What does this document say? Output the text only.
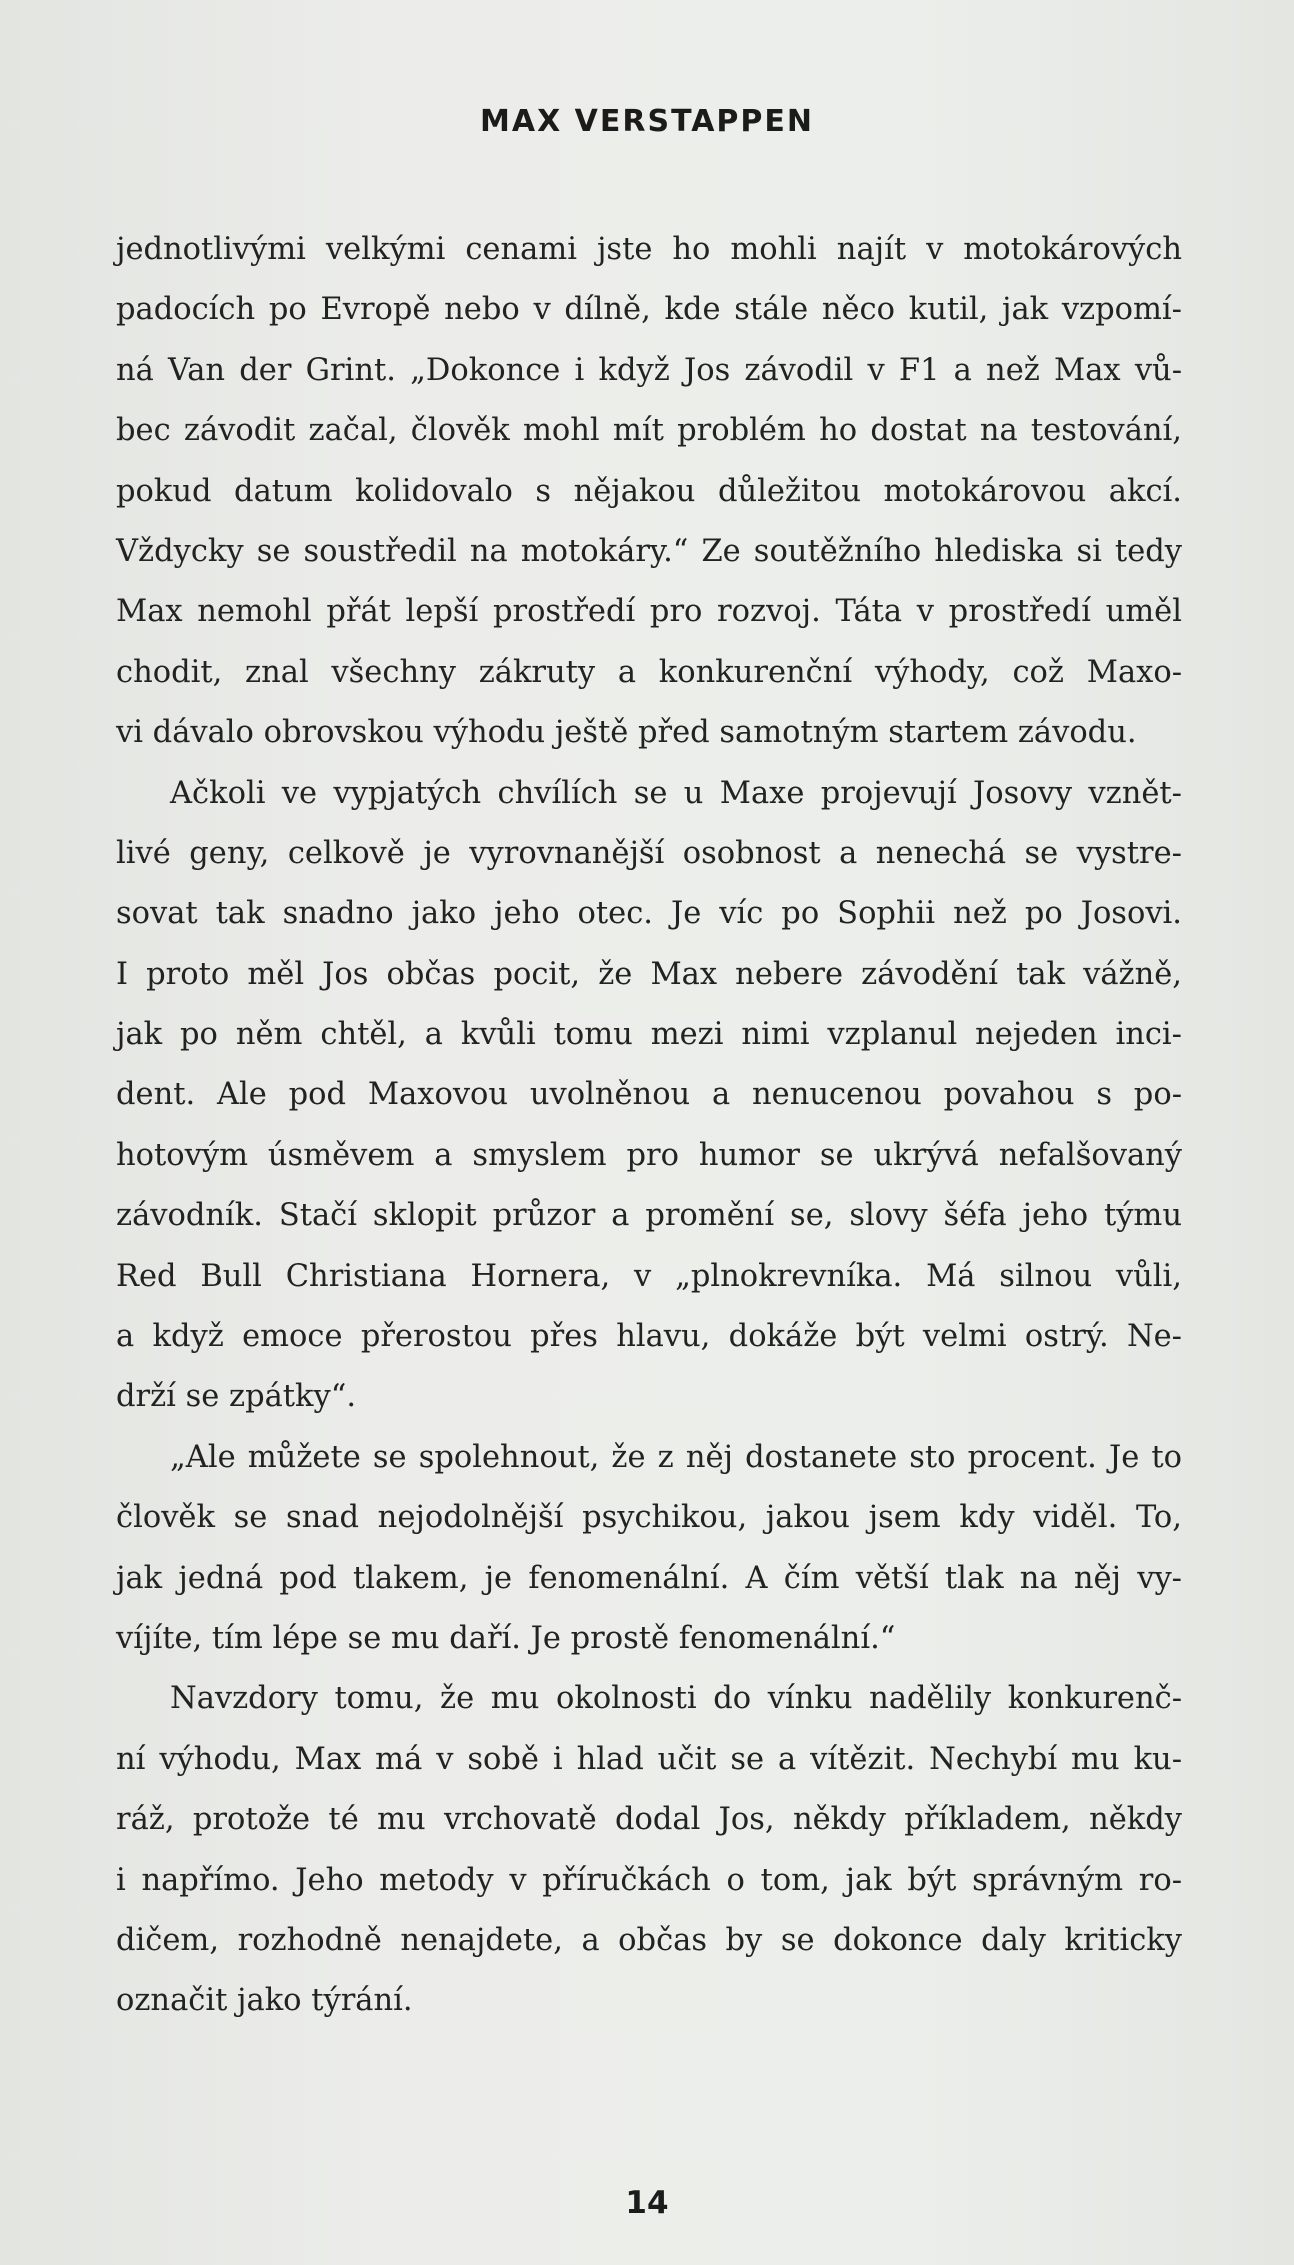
MAX VERSTAPPEN
jednotlivými velkými cenami jste ho mohli najít v motokárových
padocích po Evropě nebo v dílně, kde stále něco kutil, jak vzpomí-
ná Van der Grint. „Dokonce i když Jos závodil v F1 a než Max vů-
bec závodit začal, člověk mohl mít problém ho dostat na testování,
pokud datum kolidovalo s nějakou důležitou motokárovou akcí.
Vždycky se soustředil na motokáry.“ Ze soutěžního hlediska si tedy
Max nemohl přát lepší prostředí pro rozvoj. Táta v prostředí uměl
chodit, znal všechny zákruty a konkurenční výhody, což Maxo-
vi dávalo obrovskou výhodu ještě před samotným startem závodu.
Ačkoli ve vypjatých chvílích se u Maxe projevují Josovy vznět-
livé geny, celkově je vyrovnanější osobnost a nenechá se vystre-
sovat tak snadno jako jeho otec. Je víc po Sophii než po Josovi.
I proto měl Jos občas pocit, že Max nebere závodění tak vážně,
jak po něm chtěl, a kvůli tomu mezi nimi vzplanul nejeden inci-
dent. Ale pod Maxovou uvolněnou a nenucenou povahou s po-
hotovým úsměvem a smyslem pro humor se ukrývá nefalšovaný
závodník. Stačí sklopit průzor a promění se, slovy šéfa jeho týmu
Red Bull Christiana Hornera, v „plnokrevníka. Má silnou vůli,
a když emoce přerostou přes hlavu, dokáže být velmi ostrý. Ne-
drží se zpátky“.
„Ale můžete se spolehnout, že z něj dostanete sto procent. Je to
člověk se snad nejodolnější psychikou, jakou jsem kdy viděl. To,
jak jedná pod tlakem, je fenomenální. A čím větší tlak na něj vy-
víjíte, tím lépe se mu daří. Je prostě fenomenální.“
Navzdory tomu, že mu okolnosti do vínku nadělily konkurenč-
ní výhodu, Max má v sobě i hlad učit se a vítězit. Nechybí mu ku-
ráž, protože té mu vrchovatě dodal Jos, někdy příkladem, někdy
i napřímo. Jeho metody v příručkách o tom, jak být správným ro-
dičem, rozhodně nenajdete, a občas by se dokonce daly kriticky
označit jako týrání.
14
